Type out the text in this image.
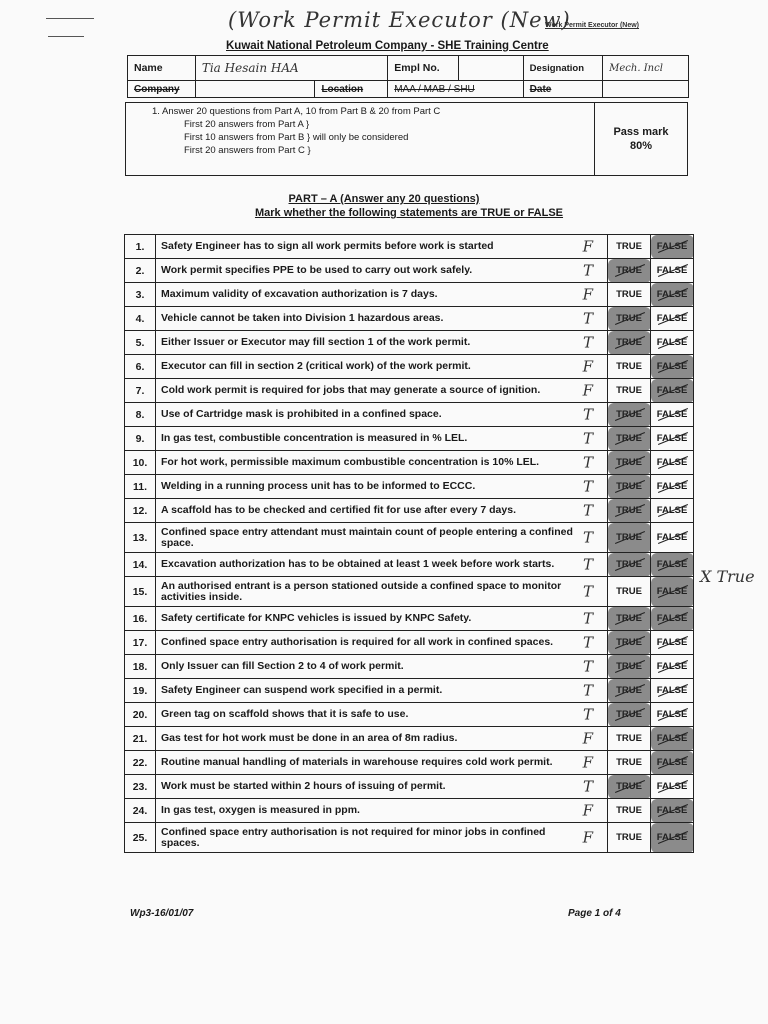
(Work Permit Executor (New)
Work Permit Executor (New)
Kuwait National Petroleum Company - SHE Training Centre
Name	Tia Hesain HAA		Empl No.		Designation	Mech. Incl
Company		Location	MAA / MAB / SHU		Date	
1. Answer 20 questions from Part A, 10 from Part B & 20 from Part C
First 20 answers from Part A }
First 10 answers from Part B } will only be considered
First 20 answers from Part C }
Pass mark
80%
PART – A (Answer any 20 questions)
Mark whether the following statements are TRUE or FALSE
1.	Safety Engineer has to sign all work permits before work is started F	TRUE	FALSE
2.	Work permit specifies PPE to be used to carry out work safely. T	TRUE	FALSE
3.	Maximum validity of excavation authorization is 7 days. F	TRUE	FALSE
4.	Vehicle cannot be taken into Division 1 hazardous areas. T	TRUE	FALSE
5.	Either Issuer or Executor may fill section 1 of the work permit. T	TRUE	FALSE
6.	Executor can fill in section 2 (critical work) of the work permit. F	TRUE	FALSE
7.	Cold work permit is required for jobs that may generate a source of ignition. F	TRUE	FALSE
8.	Use of Cartridge mask is prohibited in a confined space. T	TRUE	FALSE
9.	In gas test, combustible concentration is measured in % LEL. T	TRUE	FALSE
10.	For hot work, permissible maximum combustible concentration is 10% LEL. T	TRUE	FALSE
11.	Welding in a running process unit has to be informed to ECCC. T	TRUE	FALSE
12.	A scaffold has to be checked and certified fit for use after every 7 days. T	TRUE	FALSE
13.	Confined space entry attendant must maintain count of people entering a confined space. T	TRUE	FALSE
14.	Excavation authorization has to be obtained at least 1 week before work starts. T	TRUE	FALSE
15.	An authorised entrant is a person stationed outside a confined space to monitor activities inside. T	TRUE	FALSE
16.	Safety certificate for KNPC vehicles is issued by KNPC Safety. T	TRUE	FALSE
17.	Confined space entry authorisation is required for all work in confined spaces. T	TRUE	FALSE
18.	Only Issuer can fill Section 2 to 4 of work permit. T	TRUE	FALSE
19.	Safety Engineer can suspend work specified in a permit. T	TRUE	FALSE
20.	Green tag on scaffold shows that it is safe to use. T	TRUE	FALSE
21.	Gas test for hot work must be done in an area of 8m radius. F	TRUE	FALSE
22.	Routine manual handling of materials in warehouse requires cold work permit. F	TRUE	FALSE
23.	Work must be started within 2 hours of issuing of permit. T	TRUE	FALSE
24.	In gas test, oxygen is measured in ppm. F	TRUE	FALSE
25.	Confined space entry authorisation is not required for minor jobs in confined spaces. F	TRUE	FALSE
X True
Wp3-16/01/07	Page 1 of 4
